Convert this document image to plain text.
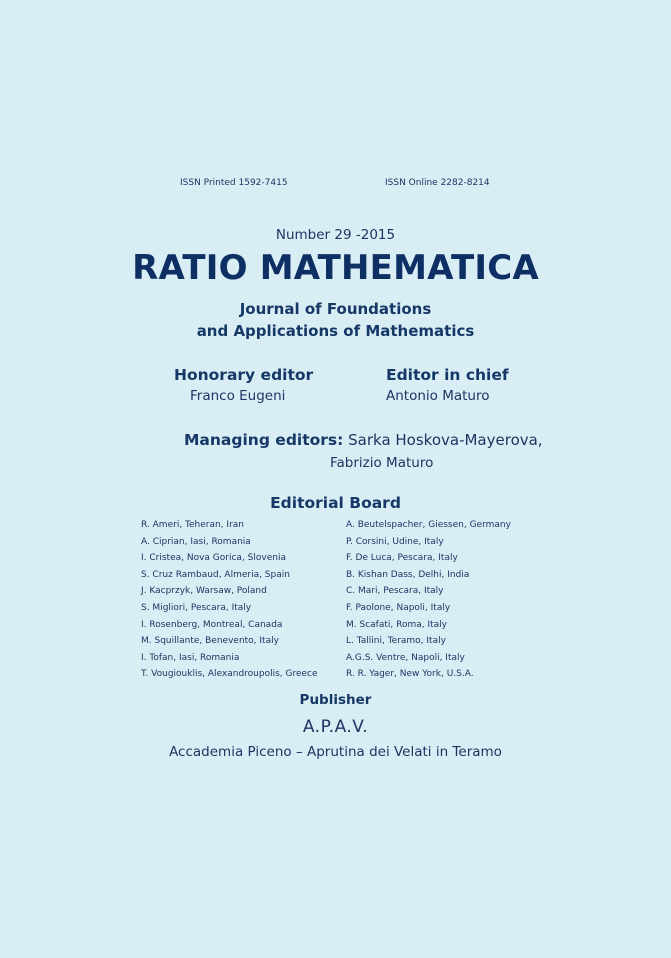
ISSN Printed 1592-7415	ISSN Online 2282-8214
Number 29 -2015
RATIO MATHEMATICA
Journal of Foundations
and Applications of Mathematics
Honorary editor
Franco Eugeni
Editor in chief
Antonio Maturo
Managing editors: Sarka Hoskova-Mayerova,
Fabrizio Maturo
Editorial Board
R. Ameri, Teheran, Iran
A. Ciprian, Iasi, Romania
I. Cristea, Nova Gorica, Slovenia
S. Cruz Rambaud, Almeria, Spain
J. Kacprzyk, Warsaw, Poland
S. Migliori, Pescara, Italy
I. Rosenberg, Montreal, Canada
M. Squillante, Benevento, Italy
I. Tofan, Iasi, Romania
T. Vougiouklis, Alexandroupolis, Greece
A. Beutelspacher, Giessen, Germany
P. Corsini, Udine, Italy
F. De Luca, Pescara, Italy
B. Kishan Dass, Delhi, India
C. Mari, Pescara, Italy
F. Paolone, Napoli, Italy
M. Scafati, Roma, Italy
L. Tallini, Teramo, Italy
A.G.S. Ventre, Napoli, Italy
R. R. Yager, New York, U.S.A.
Publisher
A.P.A.V.
Accademia Piceno – Aprutina dei Velati in Teramo
